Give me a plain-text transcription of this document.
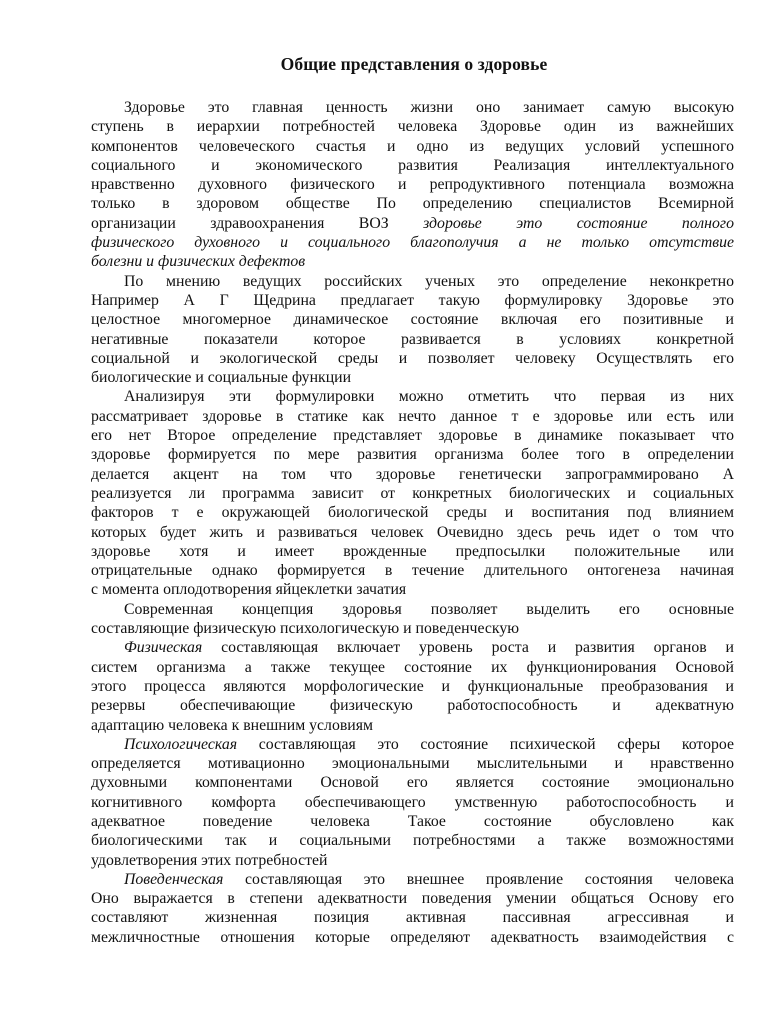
Общие представления о здоровье
Здоровье это главная ценность жизни оно занимает самую высокую
ступень в иерархии потребностей человека Здоровье один из важнейших
компонентов человеческого счастья и одно из ведущих условий успешного
социального и экономического развития Реализация интеллектуального
нравственно духовного физического и репродуктивного потенциала возможна
только в здоровом обществе По определению специалистов Всемирной
организации здравоохранения ВОЗ здоровье это состояние полного
физического духовного и социального благополучия а не только отсутствие
болезни и физических дефектов
По мнению ведущих российских ученых это определение неконкретно
Например А Г Щедрина предлагает такую формулировку Здоровье это
целостное многомерное динамическое состояние включая его позитивные и
негативные показатели которое развивается в условиях конкретной
социальной и экологической среды и позволяет человеку Осуществлять его
биологические и социальные функции
Анализируя эти формулировки можно отметить что первая из них
рассматривает здоровье в статике как нечто данное т е здоровье или есть или
его нет Второе определение представляет здоровье в динамике показывает что
здоровье формируется по мере развития организма более того в определении
делается акцент на том что здоровье генетически запрограммировано А
реализуется ли программа зависит от конкретных биологических и социальных
факторов т е окружающей биологической среды и воспитания под влиянием
которых будет жить и развиваться человек Очевидно здесь речь идет о том что
здоровье хотя и имеет врожденные предпосылки положительные или
отрицательные однако формируется в течение длительного онтогенеза начиная
с момента оплодотворения яйцеклетки зачатия
Современная концепция здоровья позволяет выделить его основные
составляющие физическую психологическую и поведенческую
Физическая составляющая включает уровень роста и развития органов и
систем организма а также текущее состояние их функционирования Основой
этого процесса являются морфологические и функциональные преобразования и
резервы обеспечивающие физическую работоспособность и адекватную
адаптацию человека к внешним условиям
Психологическая составляющая это состояние психической сферы которое
определяется мотивационно эмоциональными мыслительными и нравственно
духовными компонентами Основой его является состояние эмоционально
когнитивного комфорта обеспечивающего умственную работоспособность и
адекватное поведение человека Такое состояние обусловлено как
биологическими так и социальными потребностями а также возможностями
удовлетворения этих потребностей
Поведенческая составляющая это внешнее проявление состояния человека
Оно выражается в степени адекватности поведения умении общаться Основу его
составляют жизненная позиция активная пассивная агрессивная и
межличностные отношения которые определяют адекватность взаимодействия с
